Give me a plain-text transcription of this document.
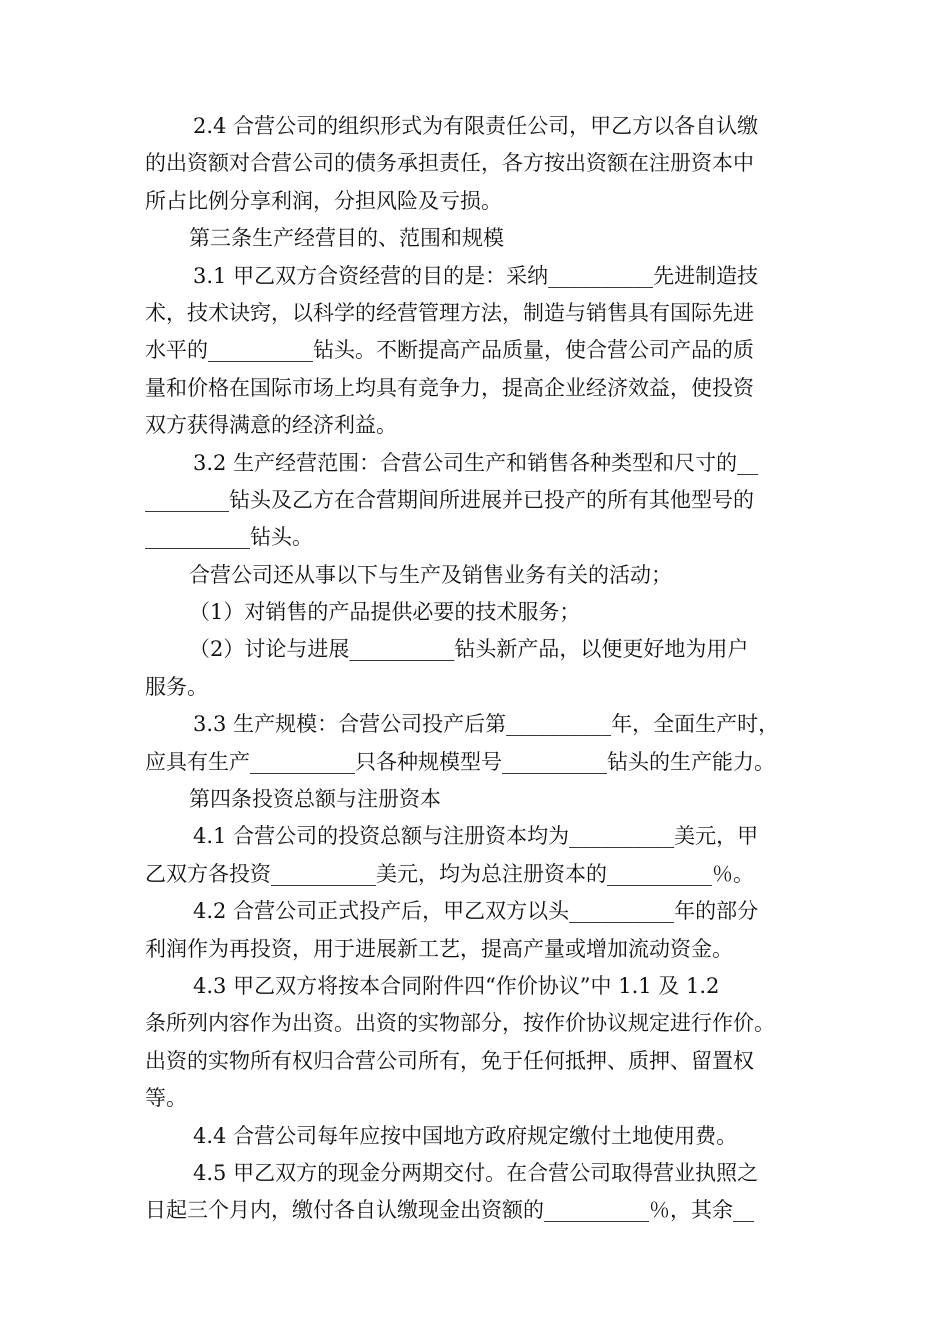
2.4 合营公司的组织形式为有限责任公司，甲乙方以各自认缴
的出资额对合营公司的债务承担责任，各方按出资额在注册资本中
所占比例分享利润，分担风险及亏损。
第三条生产经营目的、范围和规模
3.1 甲乙双方合资经营的目的是：采纳__________先进制造技
术，技术诀窍，以科学的经营管理方法，制造与销售具有国际先进
水平的__________钻头。不断提高产品质量，使合营公司产品的质
量和价格在国际市场上均具有竞争力，提高企业经济效益，使投资
双方获得满意的经济利益。
3.2 生产经营范围：合营公司生产和销售各种类型和尺寸的__
________钻头及乙方在合营期间所进展并已投产的所有其他型号的
__________钻头。
合营公司还从事以下与生产及销售业务有关的活动；
（1）对销售的产品提供必要的技术服务；
（2）讨论与进展__________钻头新产品，以便更好地为用户
服务。
3.3 生产规模：合营公司投产后第__________年，全面生产时，
应具有生产__________只各种规模型号__________钻头的生产能力。
第四条投资总额与注册资本
4.1 合营公司的投资总额与注册资本均为__________美元，甲
乙双方各投资__________美元，均为总注册资本的__________％。
4.2 合营公司正式投产后，甲乙双方以头__________年的部分
利润作为再投资，用于进展新工艺，提高产量或增加流动资金。
4.3 甲乙双方将按本合同附件四“作价协议”中 1.1 及 1.2
条所列内容作为出资。出资的实物部分，按作价协议规定进行作价。
出资的实物所有权归合营公司所有，免于任何抵押、质押、留置权
等。
4.4 合营公司每年应按中国地方政府规定缴付土地使用费。
4.5 甲乙双方的现金分两期交付。在合营公司取得营业执照之
日起三个月内，缴付各自认缴现金出资额的__________％，其余__
